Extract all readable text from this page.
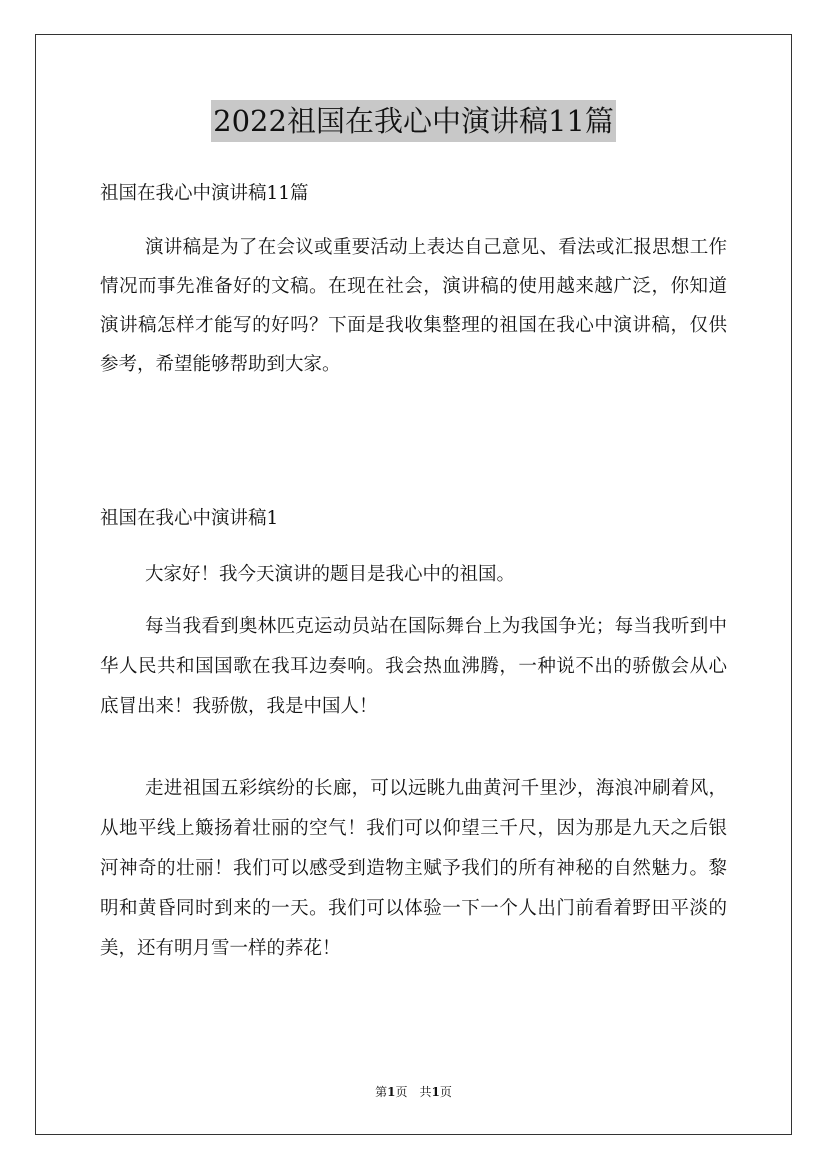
2022祖国在我心中演讲稿11篇
祖国在我心中演讲稿11篇

演讲稿是为了在会议或重要活动上表达自己意见、看法或汇报思想工作情况而事先准备好的文稿。在现在社会，演讲稿的使用越来越广泛，你知道演讲稿怎样才能写的好吗？下面是我收集整理的祖国在我心中演讲稿，仅供参考，希望能够帮助到大家。

祖国在我心中演讲稿1

大家好！我今天演讲的题目是我心中的祖国。

每当我看到奥林匹克运动员站在国际舞台上为我国争光；每当我听到中华人民共和国国歌在我耳边奏响。我会热血沸腾，一种说不出的骄傲会从心底冒出来！我骄傲，我是中国人！

走进祖国五彩缤纷的长廊，可以远眺九曲黄河千里沙，海浪冲刷着风，从地平线上簸扬着壮丽的空气！我们可以仰望三千尺，因为那是九天之后银河神奇的壮丽！我们可以感受到造物主赋予我们的所有神秘的自然魅力。黎明和黄昏同时到来的一天。我们可以体验一下一个人出门前看着野田平淡的美，还有明月雪一样的荞花！

第1页　共1页
